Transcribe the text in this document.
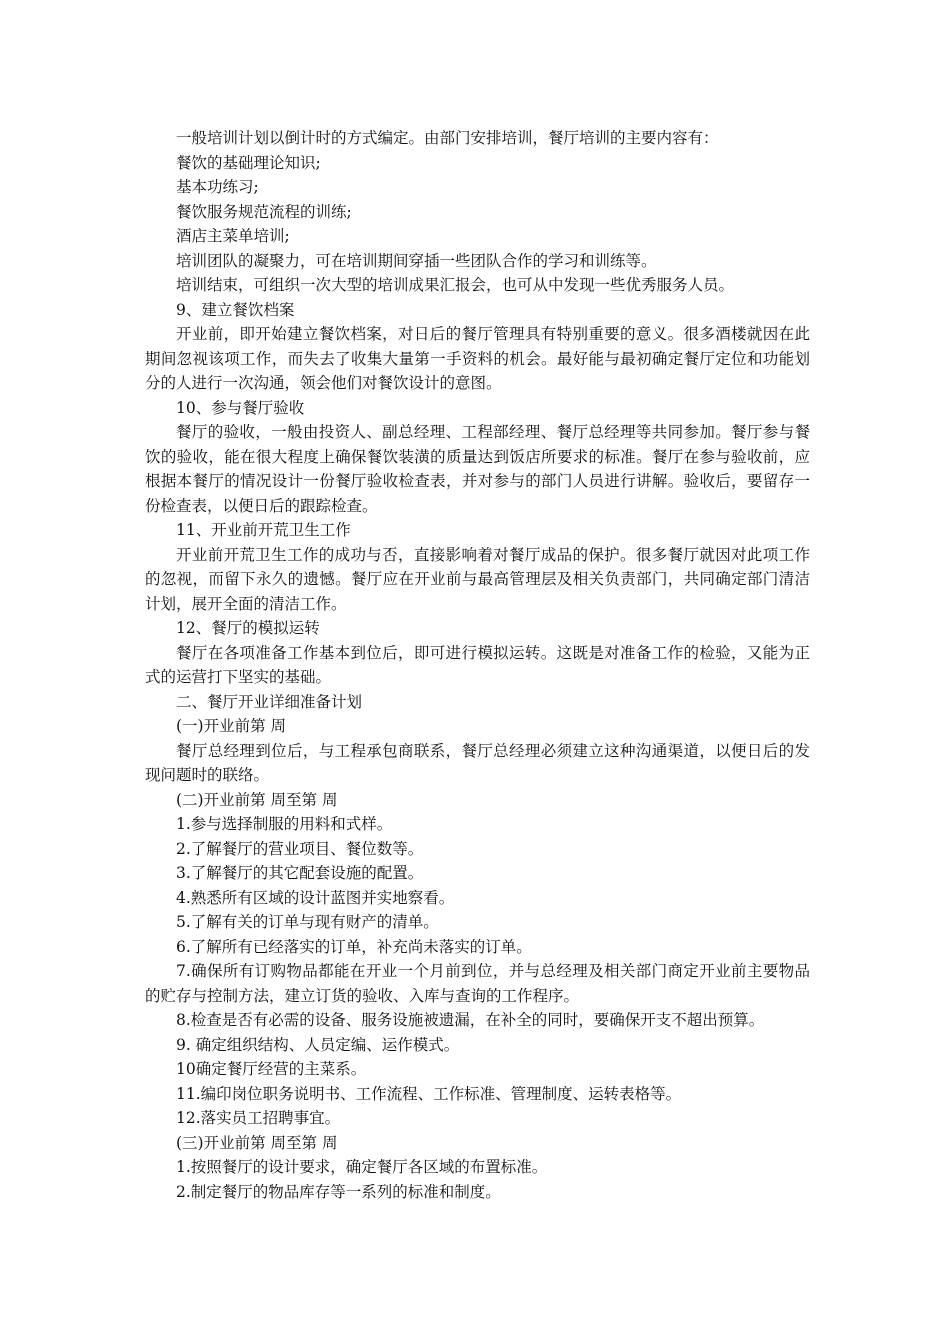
一般培训计划以倒计时的方式编定。由部门安排培训，餐厅培训的主要内容有：

餐饮的基础理论知识;

基本功练习;

餐饮服务规范流程的训练;

酒店主菜单培训;

培训团队的凝聚力，可在培训期间穿插一些团队合作的学习和训练等。

培训结束，可组织一次大型的培训成果汇报会，也可从中发现一些优秀服务人员。

9、建立餐饮档案

开业前，即开始建立餐饮档案，对日后的餐厅管理具有特别重要的意义。很多酒楼就因在此期间忽视该项工作，而失去了收集大量第一手资料的机会。最好能与最初确定餐厅定位和功能划分的人进行一次沟通，领会他们对餐饮设计的意图。

10、参与餐厅验收

餐厅的验收，一般由投资人、副总经理、工程部经理、餐厅总经理等共同参加。餐厅参与餐饮的验收，能在很大程度上确保餐饮装潢的质量达到饭店所要求的标准。餐厅在参与验收前，应根据本餐厅的情况设计一份餐厅验收检查表，并对参与的部门人员进行讲解。验收后，要留存一份检查表，以便日后的跟踪检查。

11、开业前开荒卫生工作

开业前开荒卫生工作的成功与否，直接影响着对餐厅成品的保护。很多餐厅就因对此项工作的忽视，而留下永久的遗憾。餐厅应在开业前与最高管理层及相关负责部门，共同确定部门清洁计划，展开全面的清洁工作。

12、餐厅的模拟运转

餐厅在各项准备工作基本到位后，即可进行模拟运转。这既是对准备工作的检验，又能为正式的运营打下坚实的基础。

二、餐厅开业详细准备计划

(一)开业前第 周

餐厅总经理到位后，与工程承包商联系，餐厅总经理必须建立这种沟通渠道，以便日后的发现问题时的联络。

(二)开业前第 周至第 周

1.参与选择制服的用料和式样。

2.了解餐厅的营业项目、餐位数等。

3.了解餐厅的其它配套设施的配置。

4.熟悉所有区域的设计蓝图并实地察看。

5.了解有关的订单与现有财产的清单。

6.了解所有已经落实的订单，补充尚未落实的订单。

7.确保所有订购物品都能在开业一个月前到位，并与总经理及相关部门商定开业前主要物品的贮存与控制方法，建立订货的验收、入库与查询的工作程序。

8.检查是否有必需的设备、服务设施被遗漏，在补全的同时，要确保开支不超出预算。

9. 确定组织结构、人员定编、运作模式。

10确定餐厅经营的主菜系。

11.编印岗位职务说明书、工作流程、工作标准、管理制度、运转表格等。

12.落实员工招聘事宜。

(三)开业前第 周至第 周

1.按照餐厅的设计要求，确定餐厅各区域的布置标准。

2.制定餐厅的物品库存等一系列的标准和制度。
